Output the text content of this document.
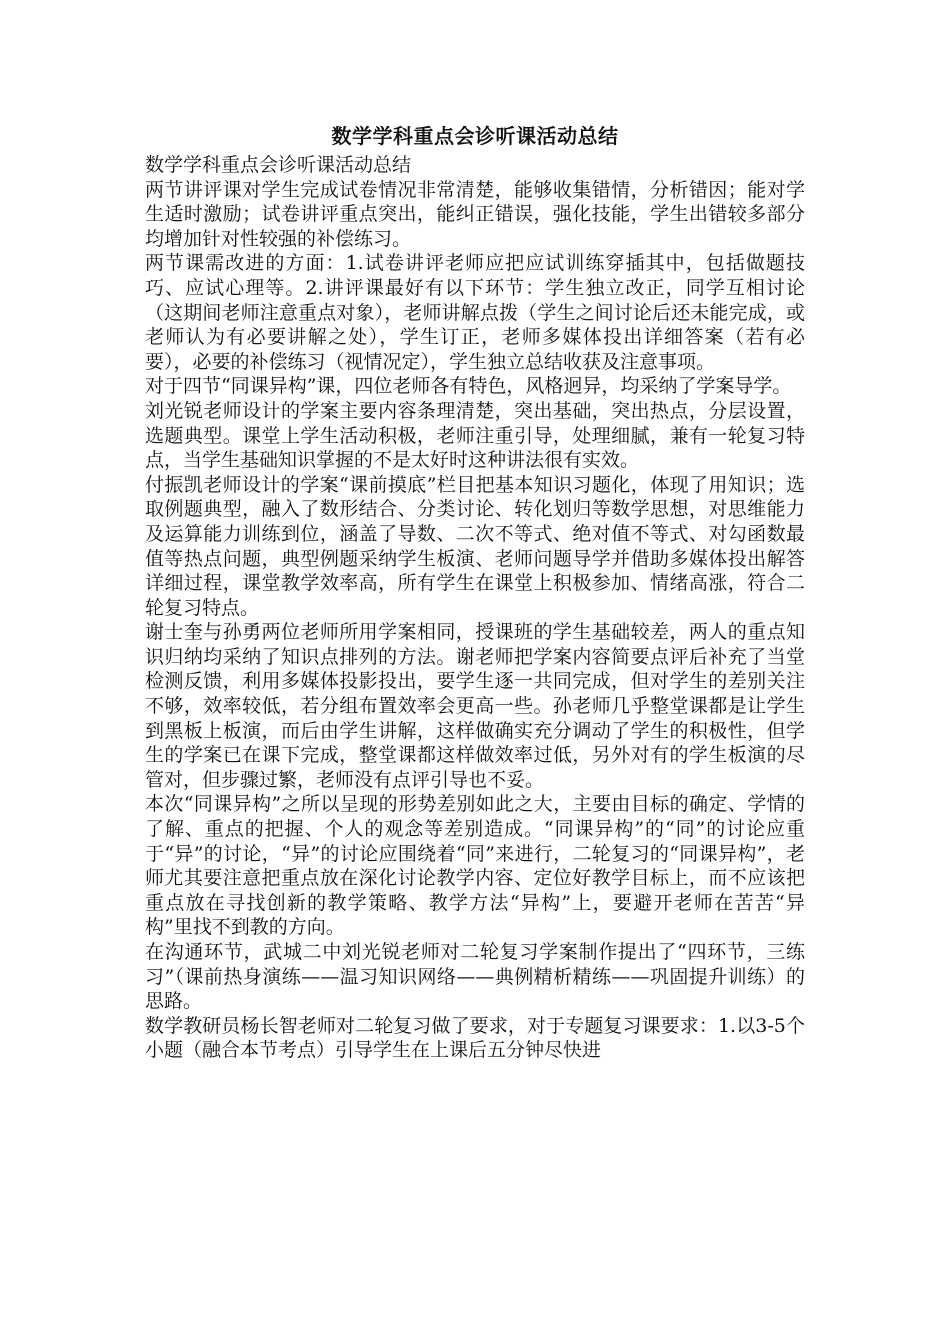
数学学科重点会诊听课活动总结

数学学科重点会诊听课活动总结

两节讲评课对学生完成试卷情况非常清楚，能够收集错情，分析错因；能对学生适时激励；试卷讲评重点突出，能纠正错误，强化技能，学生出错较多部分均增加针对性较强的补偿练习。

两节课需改进的方面：1.试卷讲评老师应把应试训练穿插其中，包括做题技巧、应试心理等。2.讲评课最好有以下环节：学生独立改正，同学互相讨论（这期间老师注意重点对象），老师讲解点拨（学生之间讨论后还未能完成，或老师认为有必要讲解之处），学生订正，老师多媒体投出详细答案（若有必要），必要的补偿练习（视情况定），学生独立总结收获及注意事项。

对于四节“同课异构”课，四位老师各有特色，风格迥异，均采纳了学案导学。

刘光锐老师设计的学案主要内容条理清楚，突出基础，突出热点，分层设置，选题典型。课堂上学生活动积极，老师注重引导，处理细腻，兼有一轮复习特点，当学生基础知识掌握的不是太好时这种讲法很有实效。

付振凯老师设计的学案“课前摸底”栏目把基本知识习题化，体现了用知识；选取例题典型，融入了数形结合、分类讨论、转化划归等数学思想，对思维能力及运算能力训练到位，涵盖了导数、二次不等式、绝对值不等式、对勾函数最值等热点问题，典型例题采纳学生板演、老师问题导学并借助多媒体投出解答详细过程，课堂教学效率高，所有学生在课堂上积极参加、情绪高涨，符合二轮复习特点。

谢士奎与孙勇两位老师所用学案相同，授课班的学生基础较差，两人的重点知识归纳均采纳了知识点排列的方法。谢老师把学案内容简要点评后补充了当堂检测反馈，利用多媒体投影投出，要学生逐一共同完成，但对学生的差别关注不够，效率较低，若分组布置效率会更高一些。孙老师几乎整堂课都是让学生到黑板上板演，而后由学生讲解，这样做确实充分调动了学生的积极性，但学生的学案已在课下完成，整堂课都这样做效率过低，另外对有的学生板演的尽管对，但步骤过繁，老师没有点评引导也不妥。

本次“同课异构”之所以呈现的形势差别如此之大，主要由目标的确定、学情的了解、重点的把握、个人的观念等差别造成。“同课异构”的“同”的讨论应重于“异”的讨论，“异”的讨论应围绕着“同”来进行，二轮复习的“同课异构”，老师尤其要注意把重点放在深化讨论教学内容、定位好教学目标上，而不应该把重点放在寻找创新的教学策略、教学方法“异构”上，要避开老师在苦苦“异构”里找不到教的方向。

在沟通环节，武城二中刘光锐老师对二轮复习学案制作提出了“四环节，三练习”（课前热身演练——温习知识网络——典例精析精练——巩固提升训练）的思路。

数学教研员杨长智老师对二轮复习做了要求，对于专题复习课要求：1.以3-5个小题（融合本节考点）引导学生在上课后五分钟尽快进
